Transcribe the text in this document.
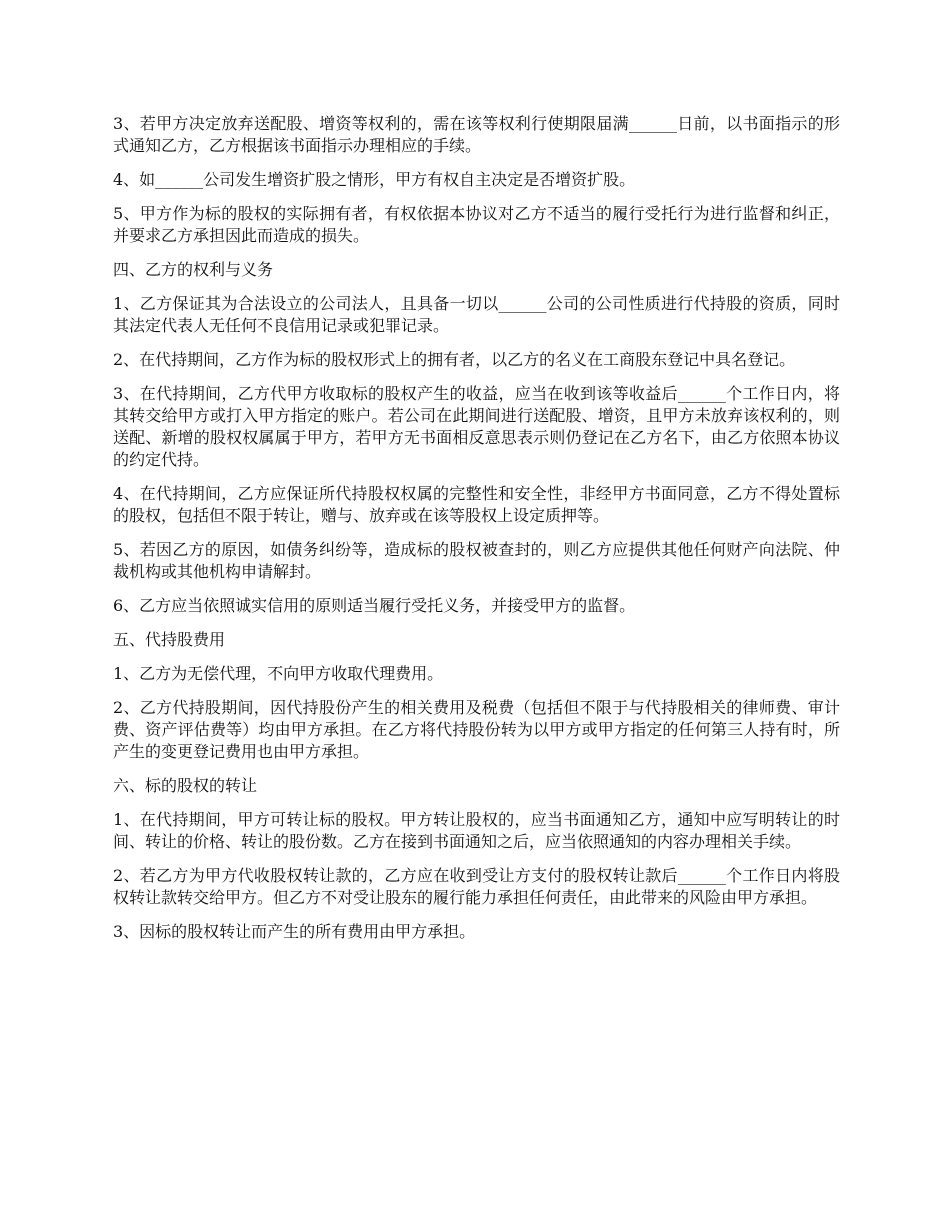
3、若甲方决定放弃送配股、增资等权利的，需在该等权利行使期限届满______日前，以书面指示的形式通知乙方，乙方根据该书面指示办理相应的手续。

4、如______公司发生增资扩股之情形，甲方有权自主决定是否增资扩股。

5、甲方作为标的股权的实际拥有者，有权依据本协议对乙方不适当的履行受托行为进行监督和纠正，并要求乙方承担因此而造成的损失。

四、乙方的权利与义务

1、乙方保证其为合法设立的公司法人，且具备一切以______公司的公司性质进行代持股的资质，同时其法定代表人无任何不良信用记录或犯罪记录。

2、在代持期间，乙方作为标的股权形式上的拥有者，以乙方的名义在工商股东登记中具名登记。

3、在代持期间，乙方代甲方收取标的股权产生的收益，应当在收到该等收益后______个工作日内，将其转交给甲方或打入甲方指定的账户。若公司在此期间进行送配股、增资，且甲方未放弃该权利的，则送配、新增的股权权属属于甲方，若甲方无书面相反意思表示则仍登记在乙方名下，由乙方依照本协议的约定代持。

4、在代持期间，乙方应保证所代持股权权属的完整性和安全性，非经甲方书面同意，乙方不得处置标的股权，包括但不限于转让，赠与、放弃或在该等股权上设定质押等。

5、若因乙方的原因，如债务纠纷等，造成标的股权被查封的，则乙方应提供其他任何财产向法院、仲裁机构或其他机构申请解封。

6、乙方应当依照诚实信用的原则适当履行受托义务，并接受甲方的监督。

五、代持股费用

1、乙方为无偿代理，不向甲方收取代理费用。

2、乙方代持股期间，因代持股份产生的相关费用及税费（包括但不限于与代持股相关的律师费、审计费、资产评估费等）均由甲方承担。在乙方将代持股份转为以甲方或甲方指定的任何第三人持有时，所产生的变更登记费用也由甲方承担。

六、标的股权的转让

1、在代持期间，甲方可转让标的股权。甲方转让股权的，应当书面通知乙方，通知中应写明转让的时间、转让的价格、转让的股份数。乙方在接到书面通知之后，应当依照通知的内容办理相关手续。

2、若乙方为甲方代收股权转让款的，乙方应在收到受让方支付的股权转让款后______个工作日内将股权转让款转交给甲方。但乙方不对受让股东的履行能力承担任何责任，由此带来的风险由甲方承担。

3、因标的股权转让而产生的所有费用由甲方承担。
